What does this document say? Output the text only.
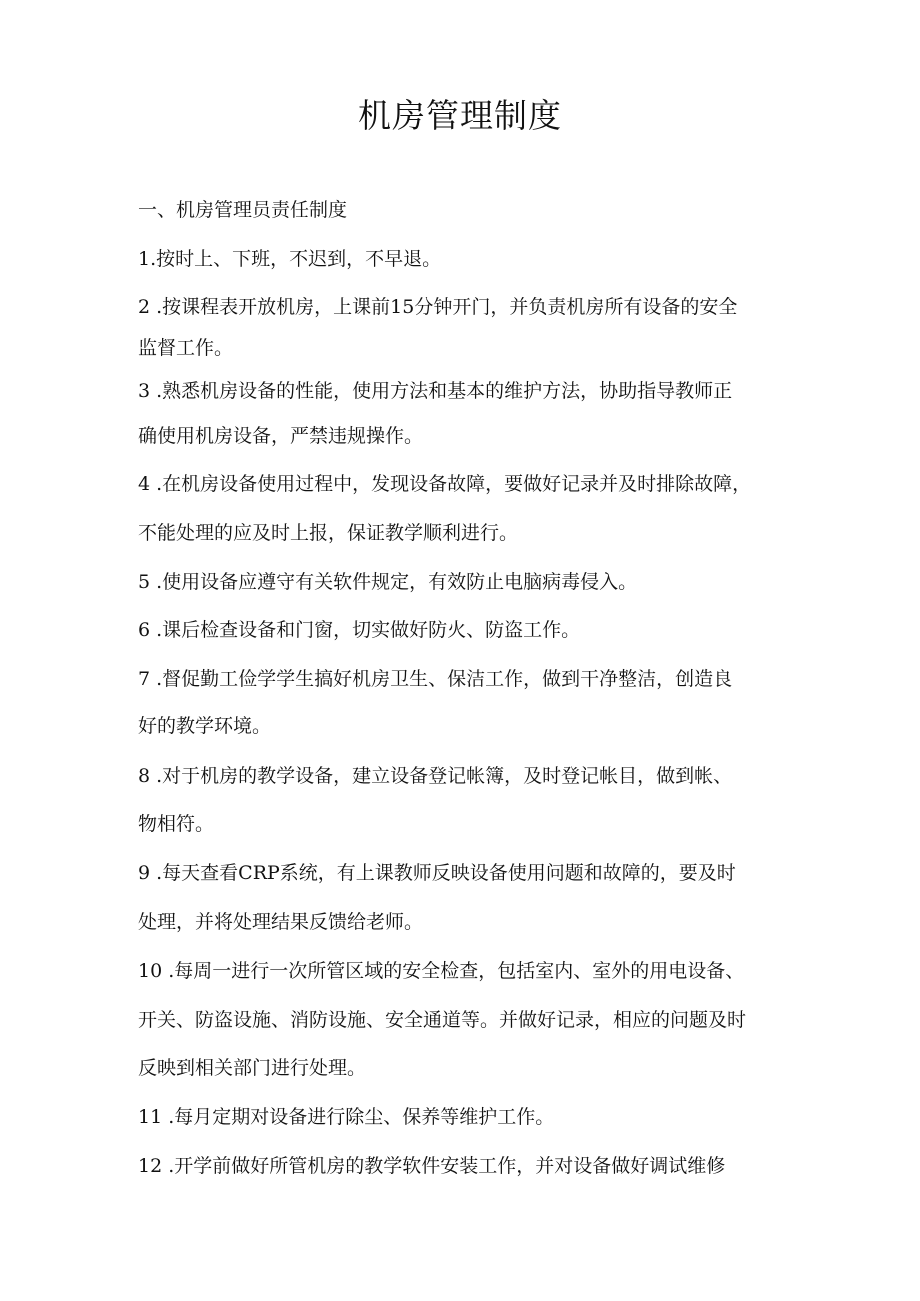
机房管理制度
一、机房管理员责任制度
1.按时上、下班，不迟到，不早退。
2 .按课程表开放机房，上课前15分钟开门，并负责机房所有设备的安全
监督工作。
3 .熟悉机房设备的性能，使用方法和基本的维护方法，协助指导教师正
确使用机房设备，严禁违规操作。
4 .在机房设备使用过程中，发现设备故障，要做好记录并及时排除故障，
不能处理的应及时上报，保证教学顺利进行。
5 .使用设备应遵守有关软件规定，有效防止电脑病毒侵入。
6 .课后检查设备和门窗，切实做好防火、防盗工作。
7 .督促勤工俭学学生搞好机房卫生、保洁工作，做到干净整洁，创造良
好的教学环境。
8 .对于机房的教学设备，建立设备登记帐簿，及时登记帐目，做到帐、
物相符。
9 .每天查看CRP系统，有上课教师反映设备使用问题和故障的，要及时
处理，并将处理结果反馈给老师。
10 .每周一进行一次所管区域的安全检查，包括室内、室外的用电设备、
开关、防盗设施、消防设施、安全通道等。并做好记录，相应的问题及时
反映到相关部门进行处理。
11 .每月定期对设备进行除尘、保养等维护工作。
12 .开学前做好所管机房的教学软件安装工作，并对设备做好调试维修
